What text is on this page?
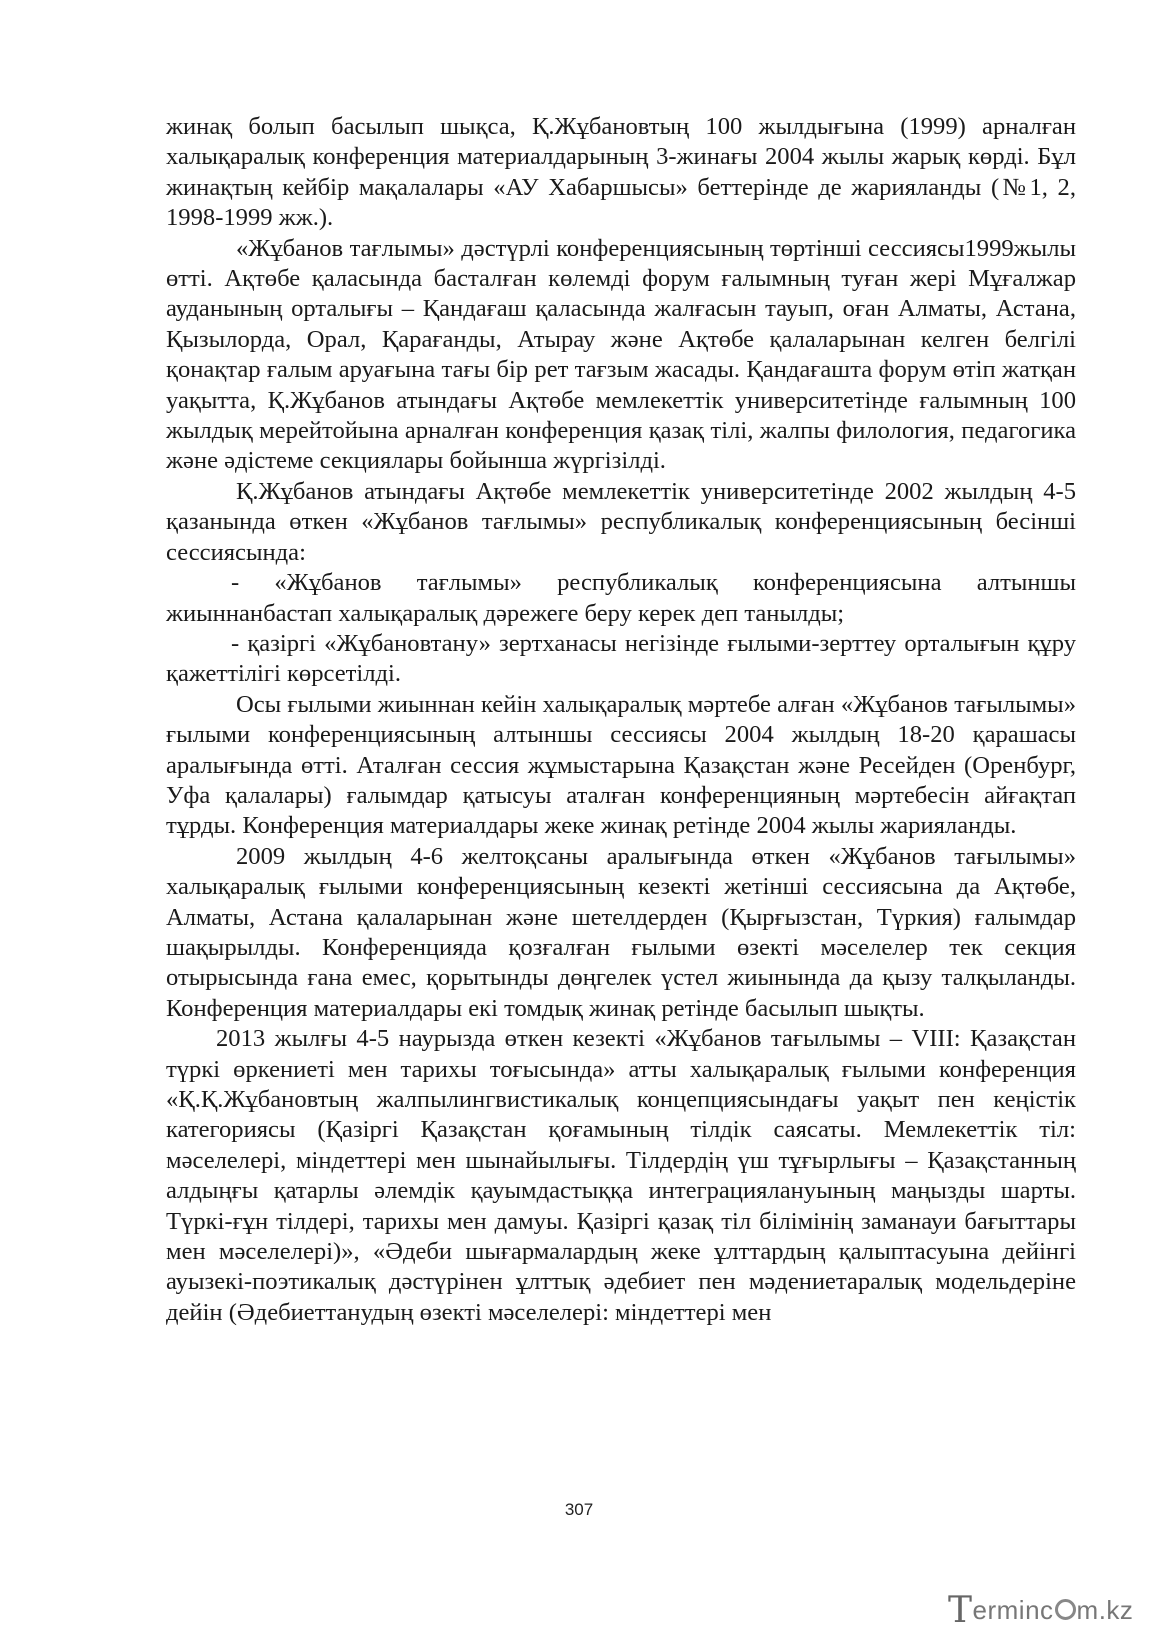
жинақ болып басылып шықса, Қ.Жұбановтың 100 жылдығына (1999) арналған халықаралық конференция материалдарының 3-жинағы 2004 жылы жарық көрді. Бұл жинақтың кейбір мақалалары «АУ Хабаршысы» беттерінде де жарияланды (№1, 2, 1998-1999 жж.).

«Жұбанов тағлымы» дәстүрлі конференциясының төртінші сессиясы1999жылы өтті. Ақтөбе қаласында басталған көлемді форум ғалымның туған жері Мұғалжар ауданының орталығы – Қандағаш қаласында жалғасын тауып, оған Алматы, Астана, Қызылорда, Орал, Қарағанды, Атырау және Ақтөбе қалаларынан келген белгілі қонақтар ғалым аруағына тағы бір рет тағзым жасады. Қандағашта форум өтіп жатқан уақытта, Қ.Жұбанов атындағы Ақтөбе мемлекеттік университетінде ғалымның 100 жылдық мерейтойына арналған конференция қазақ тілі, жалпы филология, педагогика және әдістеме секциялары бойынша жүргізілді.

Қ.Жұбанов атындағы Ақтөбе мемлекеттік университетінде 2002 жылдың 4-5 қазанында өткен «Жұбанов тағлымы» республикалық конференциясының бесінші сессиясында:

- «Жұбанов тағлымы» республикалық конференциясына алтыншы жиыннанбастап халықаралық дәрежеге беру керек деп танылды;

- қазіргі «Жұбановтану» зертханасы негізінде ғылыми-зерттеу орталығын құру қажеттілігі көрсетілді.

Осы ғылыми жиыннан кейін халықаралық мәртебе алған «Жұбанов тағылымы» ғылыми конференциясының алтыншы сессиясы 2004 жылдың 18-20 қарашасы аралығында өтті. Аталған сессия жұмыстарына Қазақстан және Ресейден (Оренбург, Уфа қалалары) ғалымдар қатысуы аталған конференцияның мәртебесін айғақтап тұрды. Конференция материалдары жеке жинақ ретінде 2004 жылы жарияланды.

2009 жылдың 4-6 желтоқсаны аралығында өткен «Жұбанов тағылымы» халықаралық ғылыми конференциясының кезекті жетінші сессиясына да Ақтөбе, Алматы, Астана қалаларынан және шетелдерден (Қырғызстан, Түркия) ғалымдар шақырылды. Конференцияда қозғалған ғылыми өзекті мәселелер тек секция отырысында ғана емес, қорытынды дөңгелек үстел жиынында да қызу талқыланды. Конференция материалдары екі томдық жинақ ретінде басылып шықты.

2013 жылғы 4-5 наурызда өткен кезекті «Жұбанов тағылымы – VIII: Қазақстан түркі өркениеті мен тарихы тоғысында» атты халықаралық ғылыми конференция «Қ.Қ.Жұбановтың жалпылингвистикалық концепциясындағы уақыт пен кеңістік категориясы (Қазіргі Қазақстан қоғамының тілдік саясаты. Мемлекеттік тіл: мәселелері, міндеттері мен шынайылығы. Тілдердің үш тұғырлығы – Қазақстанның алдыңғы қатарлы әлемдік қауымдастыққа интеграциялануының маңызды шарты. Түркі-ғұн тілдері, тарихы мен дамуы. Қазіргі қазақ тіл білімінің заманауи бағыттары мен мәселелері)», «Әдеби шығармалардың жеке ұлттардың қалыптасуына дейінгі ауызекі-поэтикалық дәстүрінен ұлттық әдебиет пен мәдениетаралық модельдеріне дейін (Әдебиеттанудың өзекті мәселелері: міндеттері мен

307
Terminc m.kz
